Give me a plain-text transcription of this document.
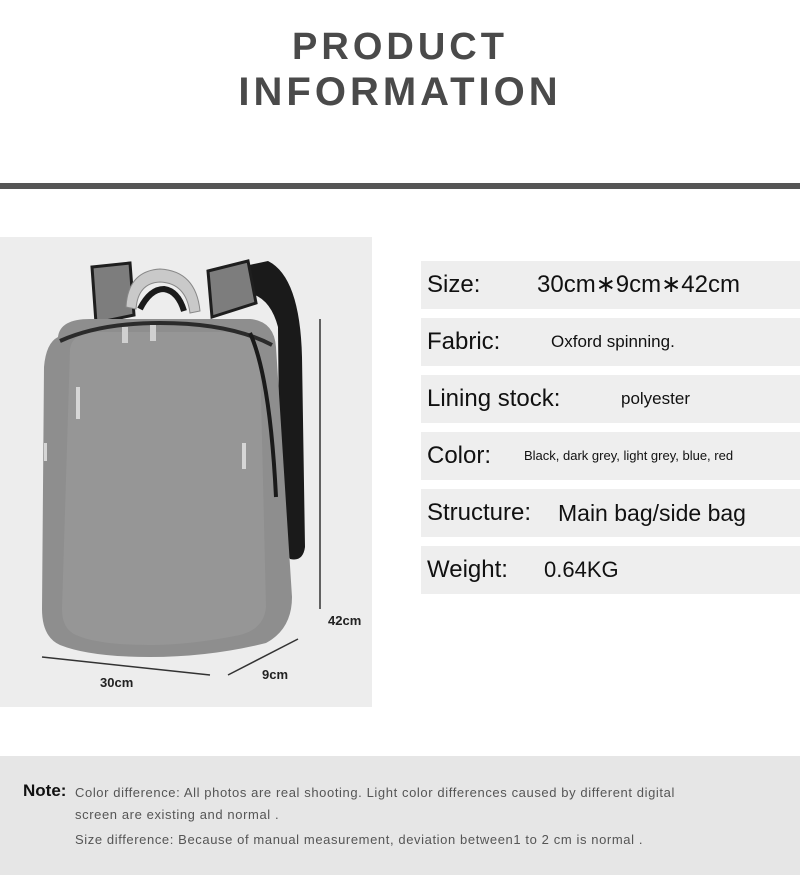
PRODUCT
INFORMATION
30cm
9cm
42cm
Size: 30cm∗9cm∗42cm
Fabric:	Oxford spinning.
Lining stock:	polyester
Color:	Black, dark grey, light grey, blue, red
Structure: Main bag/side bag
Weight: 0.64KG
Note: Color difference: All photos are real shooting. Light color differences caused by different digital
screen are existing and normal .
Size difference: Because of manual measurement, deviation between1 to 2 cm is normal .
